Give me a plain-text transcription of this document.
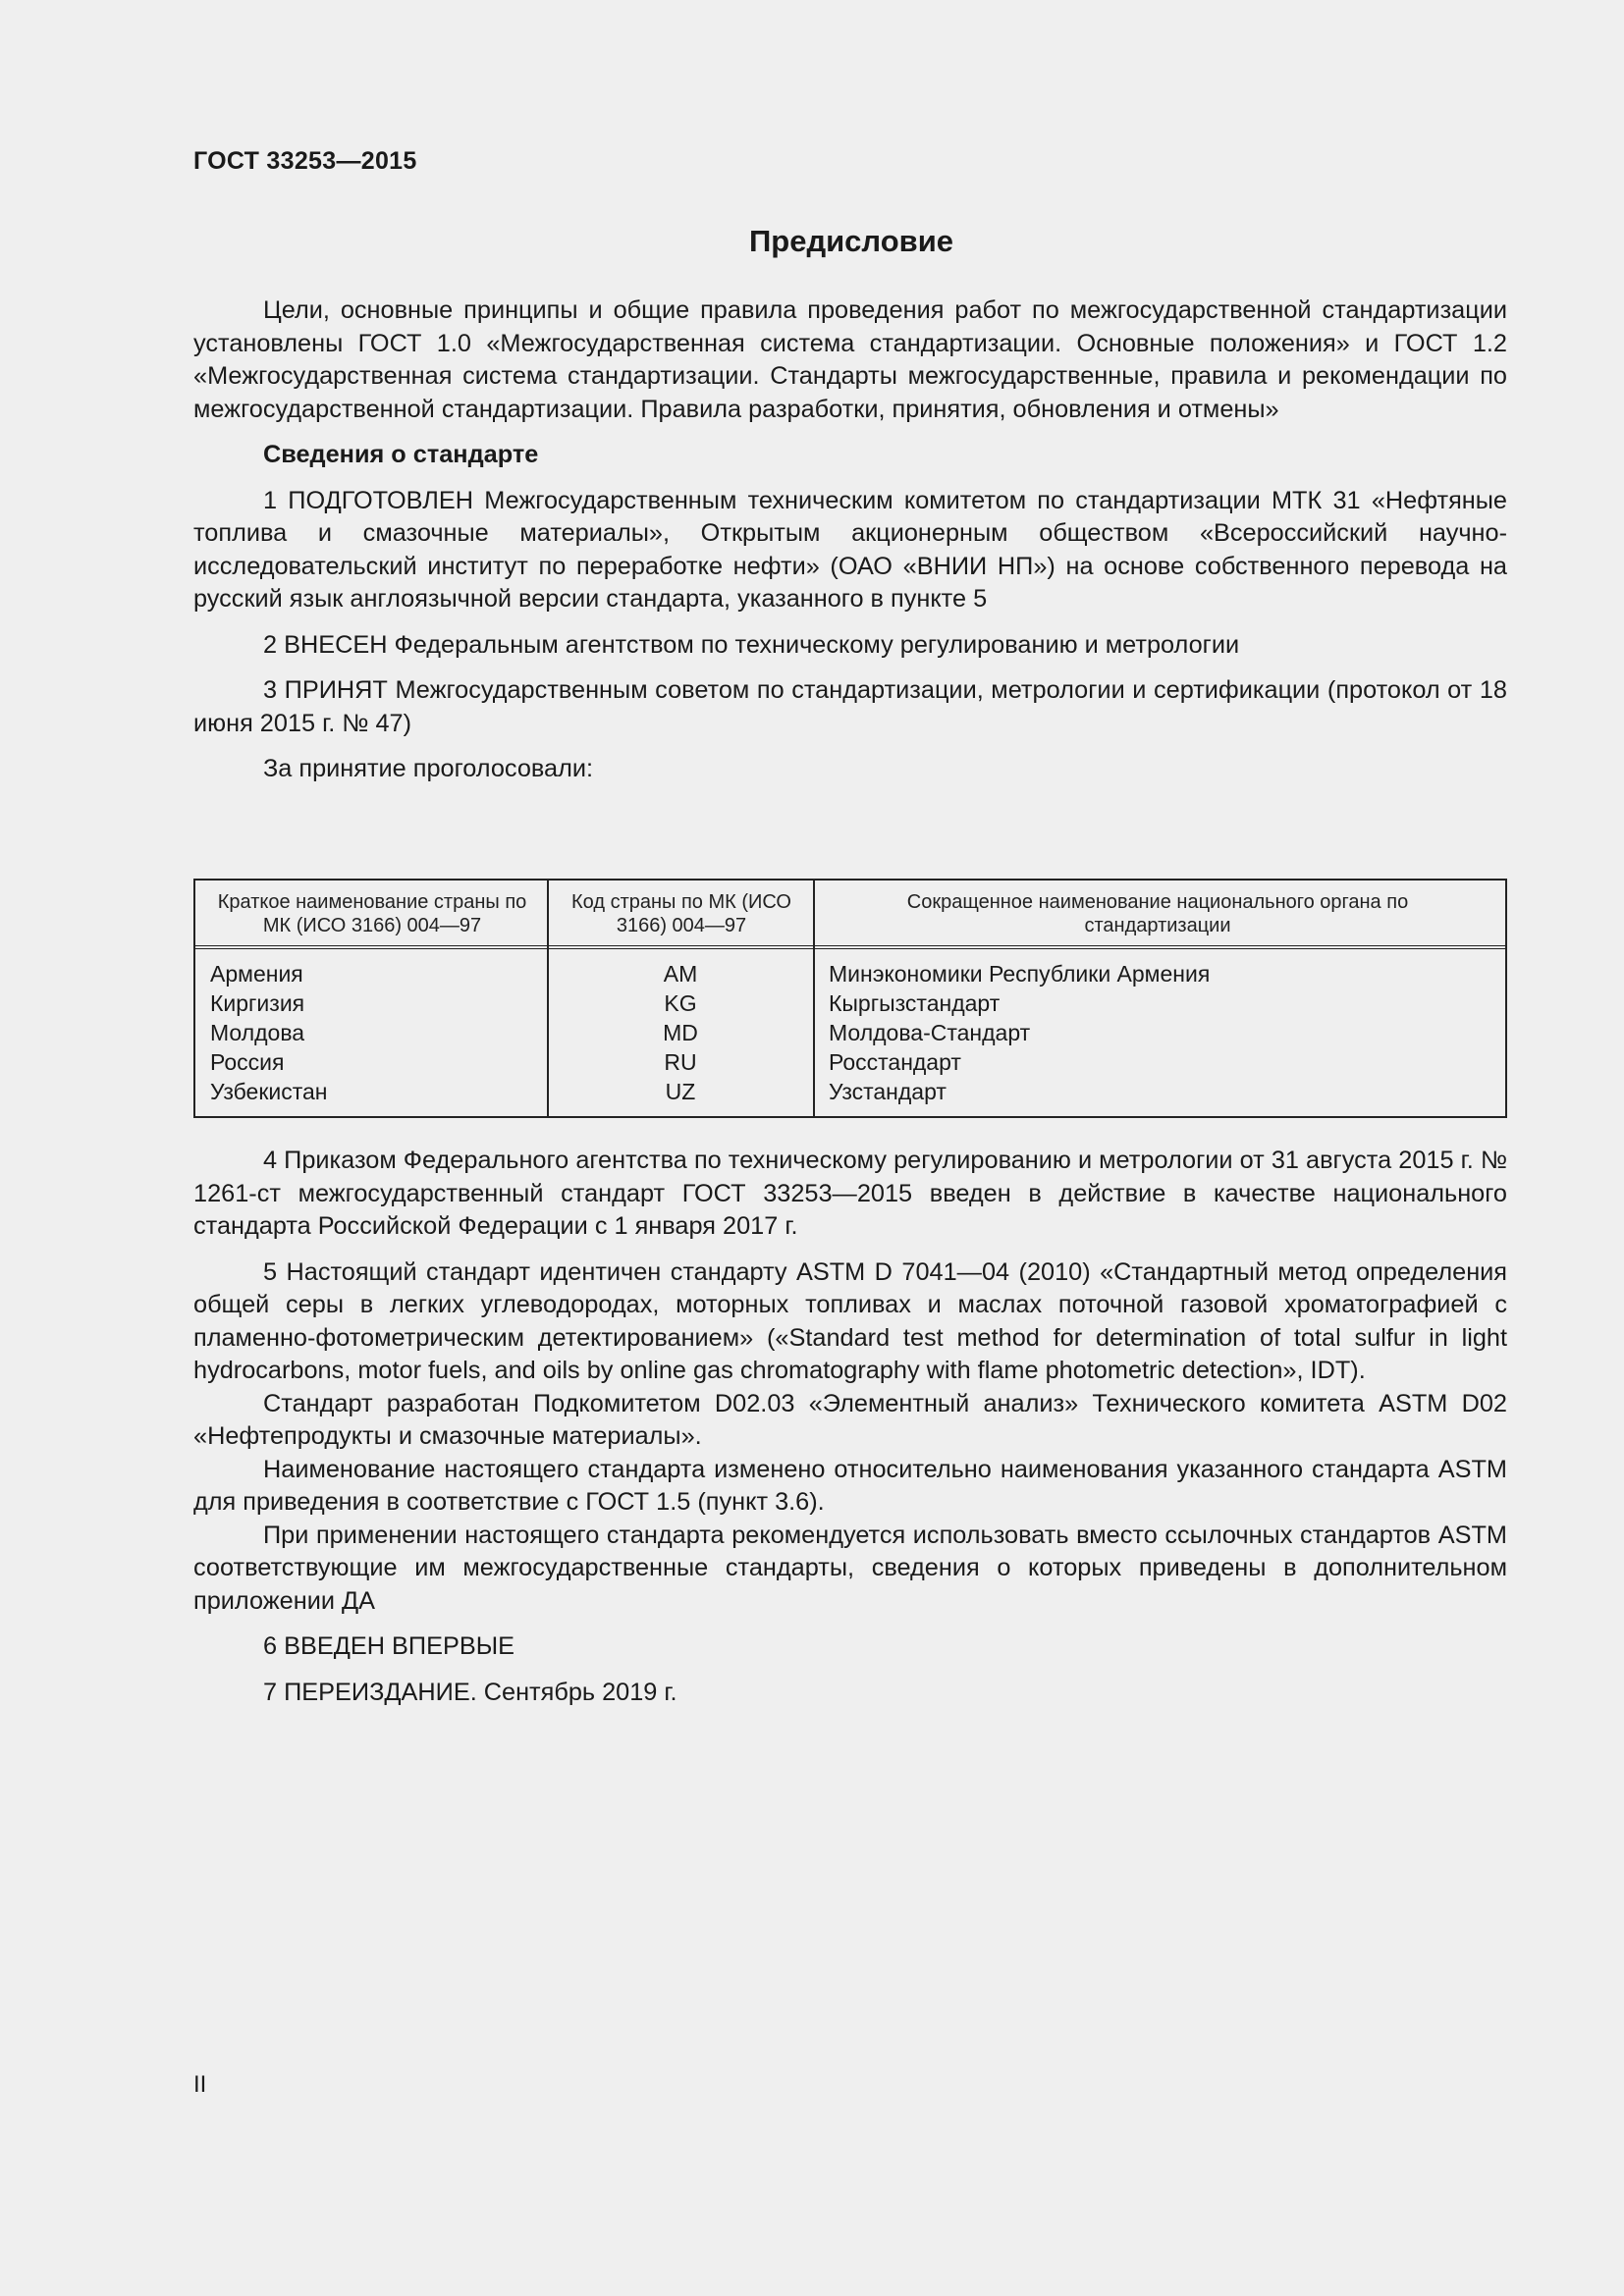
ГОСТ 33253—2015
Предисловие

Цели, основные принципы и общие правила проведения работ по межгосударственной стандартизации установлены ГОСТ 1.0 «Межгосударственная система стандартизации. Основные положения» и ГОСТ 1.2 «Межгосударственная система стандартизации. Стандарты межгосударственные, правила и рекомендации по межгосударственной стандартизации. Правила разработки, принятия, обновления и отмены»

Сведения о стандарте

1 ПОДГОТОВЛЕН Межгосударственным техническим комитетом по стандартизации МТК 31 «Нефтяные топлива и смазочные материалы», Открытым акционерным обществом «Всероссийский научно-исследовательский институт по переработке нефти» (ОАО «ВНИИ НП») на основе собственного перевода на русский язык англоязычной версии стандарта, указанного в пункте 5

2 ВНЕСЕН Федеральным агентством по техническому регулированию и метрологии

3 ПРИНЯТ Межгосударственным советом по стандартизации, метрологии и сертификации (протокол от 18 июня 2015 г. № 47)

За принятие проголосовали:

Краткое наименование страны по МК (ИСО 3166) 004—97
Код страны по МК (ИСО 3166) 004—97
Сокращенное наименование национального органа по стандартизации
Армения
Киргизия
Молдова
Россия
Узбекистан
AM
KG
MD
RU
UZ
Минэкономики Республики Армения
Кыргызстандарт
Молдова-Стандарт
Росстандарт
Узстандарт

4 Приказом Федерального агентства по техническому регулированию и метрологии от 31 августа 2015 г. № 1261-ст межгосударственный стандарт ГОСТ 33253—2015 введен в действие в качестве национального стандарта Российской Федерации с 1 января 2017 г.

5 Настоящий стандарт идентичен стандарту ASTM D 7041—04 (2010) «Стандартный метод определения общей серы в легких углеводородах, моторных топливах и маслах поточной газовой хроматографией с пламенно-фотометрическим детектированием» («Standard test method for determination of total sulfur in light hydrocarbons, motor fuels, and oils by online gas chromatography with flame photometric detection», IDT).

Стандарт разработан Подкомитетом D02.03 «Элементный анализ» Технического комитета ASTM D02 «Нефтепродукты и смазочные материалы».

Наименование настоящего стандарта изменено относительно наименования указанного стандарта ASTM для приведения в соответствие с ГОСТ 1.5 (пункт 3.6).

При применении настоящего стандарта рекомендуется использовать вместо ссылочных стандартов ASTM соответствующие им межгосударственные стандарты, сведения о которых приведены в дополнительном приложении ДА

6 ВВЕДЕН ВПЕРВЫЕ

7 ПЕРЕИЗДАНИЕ. Сентябрь 2019 г.

II
